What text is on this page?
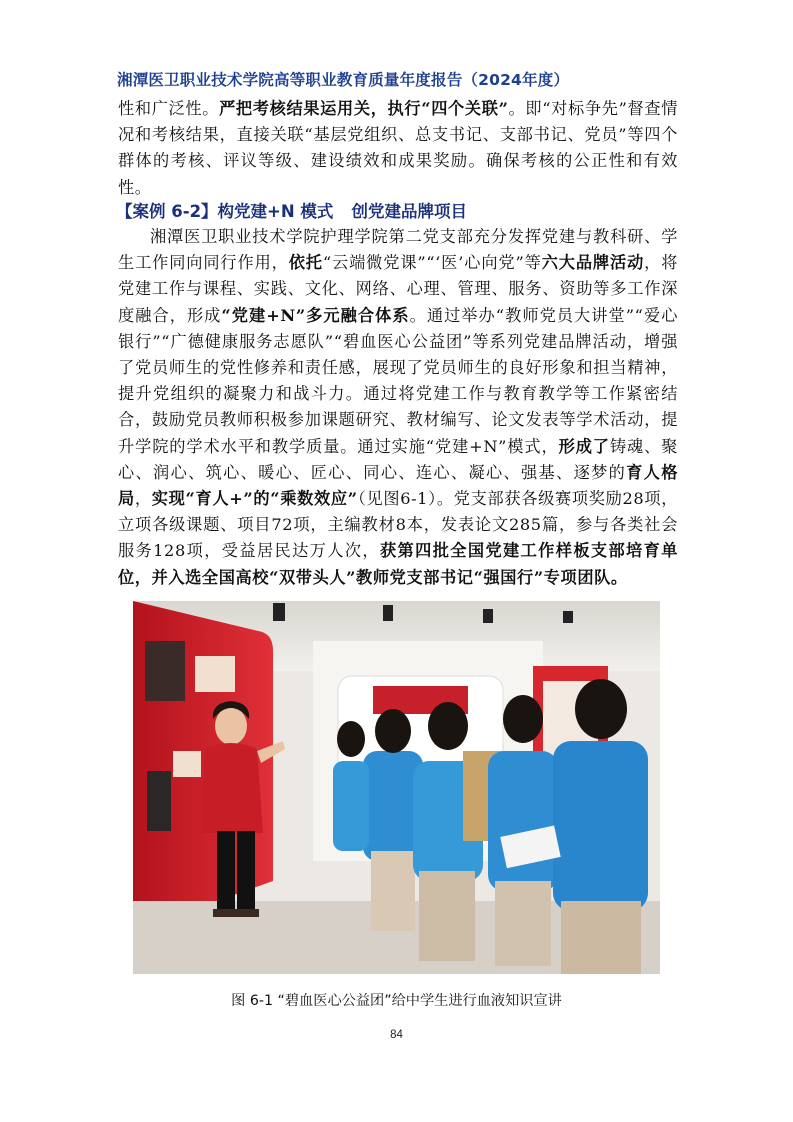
湘潭医卫职业技术学院高等职业教育质量年度报告（2024年度）
性和广泛性。严把考核结果运用关，执行“四个关联”。即“对标争先”督查情况和考核结果，直接关联“基层党组织、总支书记、支部书记、党员”等四个群体的考核、评议等级、建设绩效和成果奖励。确保考核的公正性和有效性。
【案例 6-2】构党建+N 模式 创党建品牌项目
湘潭医卫职业技术学院护理学院第二党支部充分发挥党建与教科研、学生工作同向同行作用，依托“云端微党课”“‘医’心向党”等六大品牌活动，将党建工作与课程、实践、文化、网络、心理、管理、服务、资助等多工作深度融合，形成“党建+N”多元融合体系。通过举办“教师党员大讲堂”“爱心银行”“广德健康服务志愿队”“碧血医心公益团”等系列党建品牌活动，增强了党员师生的党性修养和责任感，展现了党员师生的良好形象和担当精神，提升党组织的凝聚力和战斗力。通过将党建工作与教育教学等工作紧密结合，鼓励党员教师积极参加课题研究、教材编写、论文发表等学术活动，提升学院的学术水平和教学质量。通过实施“党建+N”模式，形成了铸魂、聚心、润心、筑心、暖心、匠心、同心、连心、凝心、强基、逐梦的育人格局，实现“育人+”的“乘数效应”（见图6-1）。党支部获各级赛项奖励28项，立项各级课题、项目72项，主编教材8本，发表论文285篇，参与各类社会服务128项，受益居民达万人次，获第四批全国党建工作样板支部培育单位，并入选全国高校“双带头人”教师党支部书记“强国行”专项团队。
图 6-1 “碧血医心公益团”给中学生进行血液知识宣讲
84
